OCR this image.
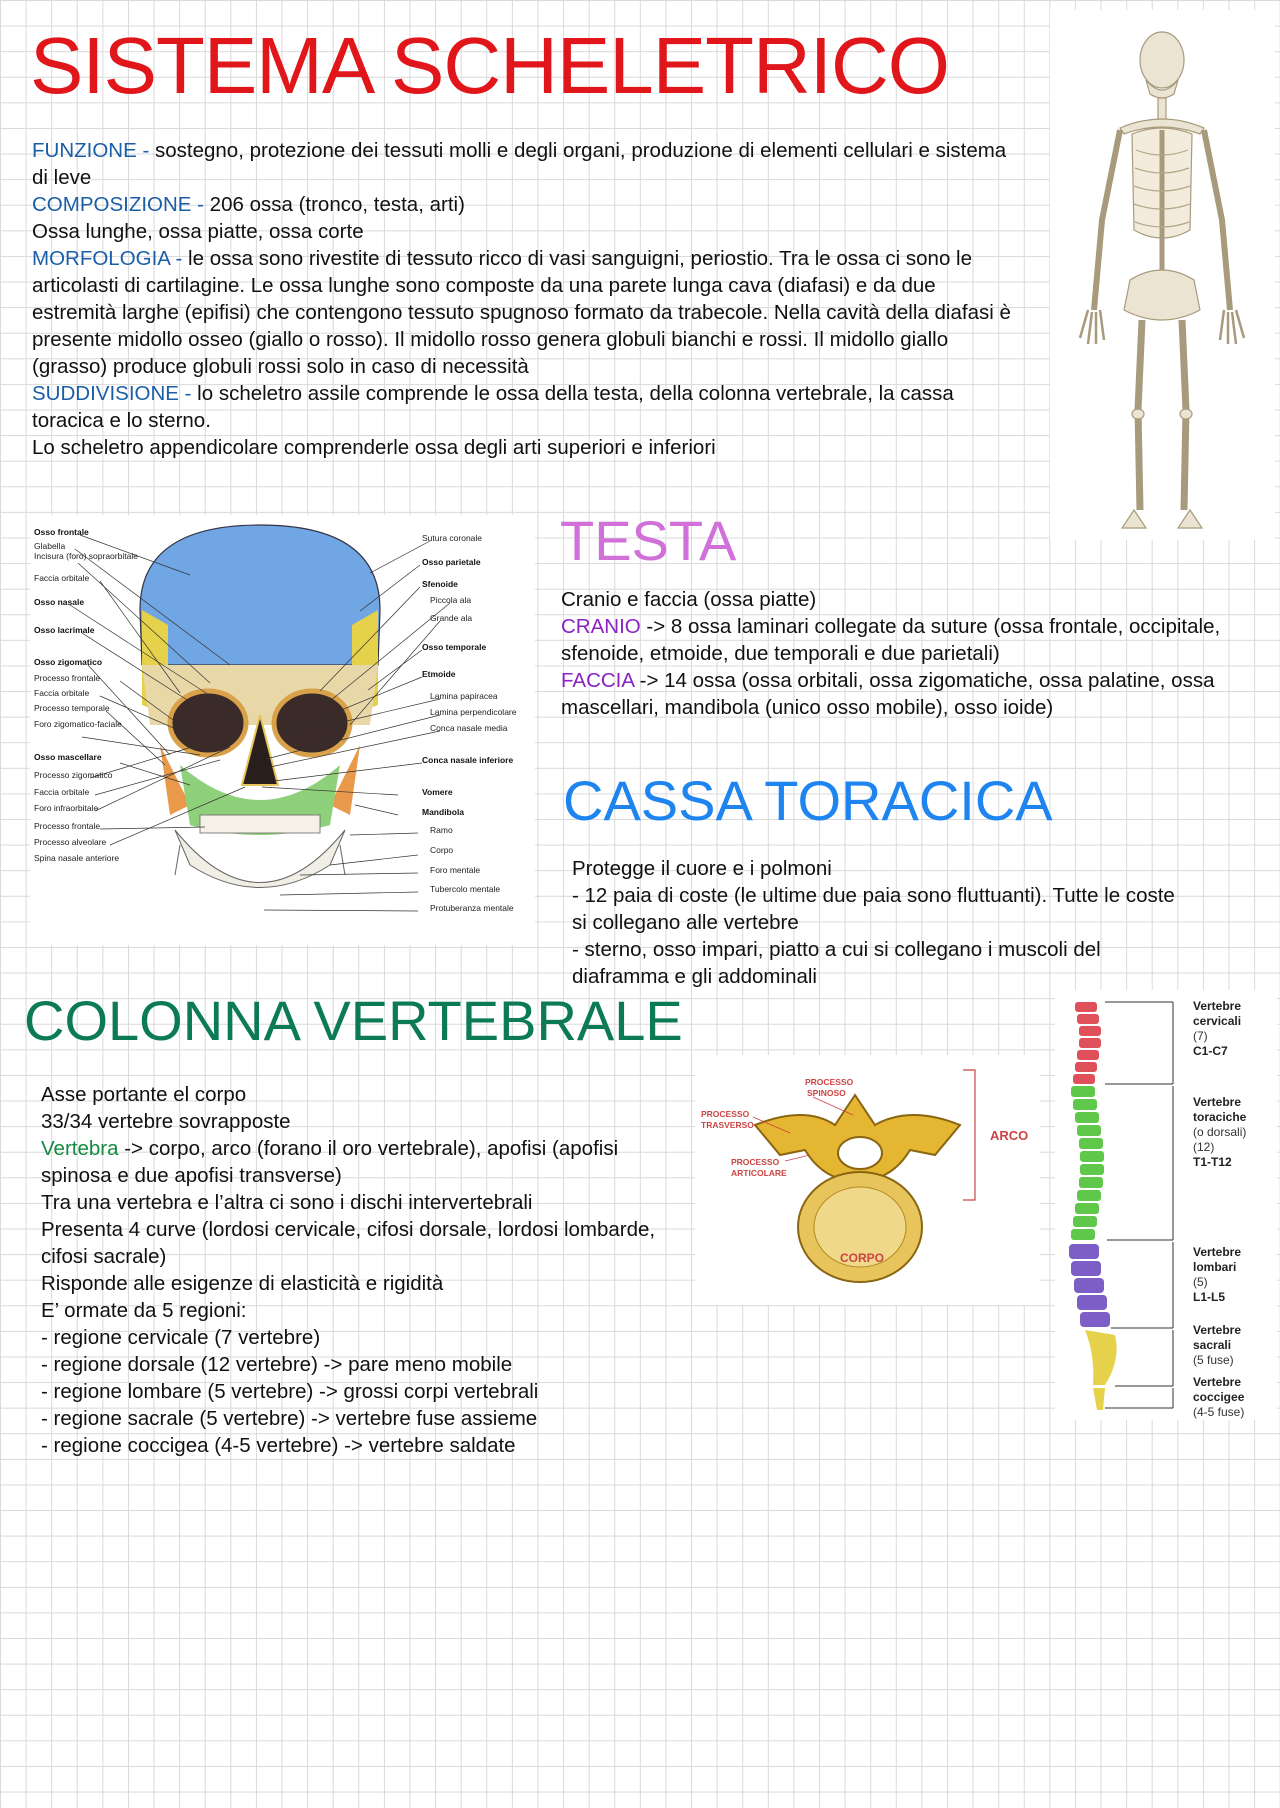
SISTEMA SCHELETRICO

FUNZIONE - sostegno, protezione dei tessuti molli e degli organi, produzione di elementi cellulari e sistema di leve

COMPOSIZIONE - 206 ossa (tronco, testa, arti)

Ossa lunghe, ossa piatte, ossa corte

MORFOLOGIA - le ossa sono rivestite di tessuto ricco di vasi sanguigni, periostio. Tra le ossa ci sono le articolasti di cartilagine. Le ossa lunghe sono composte da una parete lunga cava (diafasi) e da due estremità larghe (epifisi) che contengono tessuto spugnoso formato da trabecole. Nella cavità della diafasi è presente midollo osseo (giallo o rosso). Il midollo rosso genera globuli bianchi e rossi. Il midollo giallo (grasso) produce globuli rossi solo in caso di necessità

SUDDIVISIONE - lo scheletro assile comprende le ossa della testa, della colonna vertebrale, la cassa toracica e lo sterno.

Lo scheletro appendicolare comprenderle ossa degli arti superiori e inferiori

Osso frontale
Glabella
Incisura (foro) sopraorbitale
Faccia orbitale
Osso nasale
Osso lacrimale
Osso zigomatico
Processo frontale
Faccia orbitale
Processo temporale
Foro zigomatico-faciale
Osso mascellare
Processo zigomatico
Faccia orbitale
Foro infraorbitale
Processo frontale
Processo alveolare
Spina nasale anteriore
Sutura coronale
Osso parietale
Sfenoide
Piccola ala
Grande ala
Osso temporale
Etmoide
Lamina papiracea
Lamina perpendicolare
Conca nasale media
Conca nasale inferiore
Vomere
Mandibola
Ramo
Corpo
Foro mentale
Tubercolo mentale
Protuberanza mentale
TESTA

Cranio e faccia (ossa piatte)

CRANIO -> 8 ossa laminari collegate da suture (ossa frontale, occipitale, sfenoide, etmoide, due temporali e due parietali)

FACCIA -> 14 ossa (ossa orbitali, ossa zigomatiche, ossa palatine, ossa mascellari, mandibola (unico osso mobile), osso ioide)

CASSA TORACICA

Protegge il cuore e i polmoni

- 12 paia di coste (le ultime due paia sono fluttuanti). Tutte le coste si collegano alle vertebre

- sterno, osso impari, piatto a cui si collegano i muscoli del diaframma e gli addominali

COLONNA VERTEBRALE

Asse portante el corpo

33/34 vertebre sovrapposte

Vertebra -> corpo, arco (forano il oro vertebrale), apofisi (apofisi spinosa e due apofisi transverse)

Tra una vertebra e l’altra ci sono i dischi intervertebrali

Presenta 4 curve (lordosi cervicale, cifosi dorsale, lordosi lombarde, cifosi sacrale)

Risponde alle esigenze di elasticità e rigidità

E’ ormate da 5 regioni:

- regione cervicale (7 vertebre)

- regione dorsale (12 vertebre) -> pare meno mobile

- regione lombare (5 vertebre) -> grossi corpi vertebrali

- regione sacrale (5 vertebre) -> vertebre fuse assieme

- regione coccigea (4-5 vertebre) -> vertebre saldate

PROCESSO
SPINOSO
PROCESSO
TRASVERSO
PROCESSO
ARTICOLARE
ARCO
CORPO
Vertebre
cervicali
(7)
C1-C7
Vertebre
toraciche
(o dorsali)
(12)
T1-T12
Vertebre
lombari
(5)
L1-L5
Vertebre
sacrali
(5 fuse)
Vertebre
coccigee
(4-5 fuse)
